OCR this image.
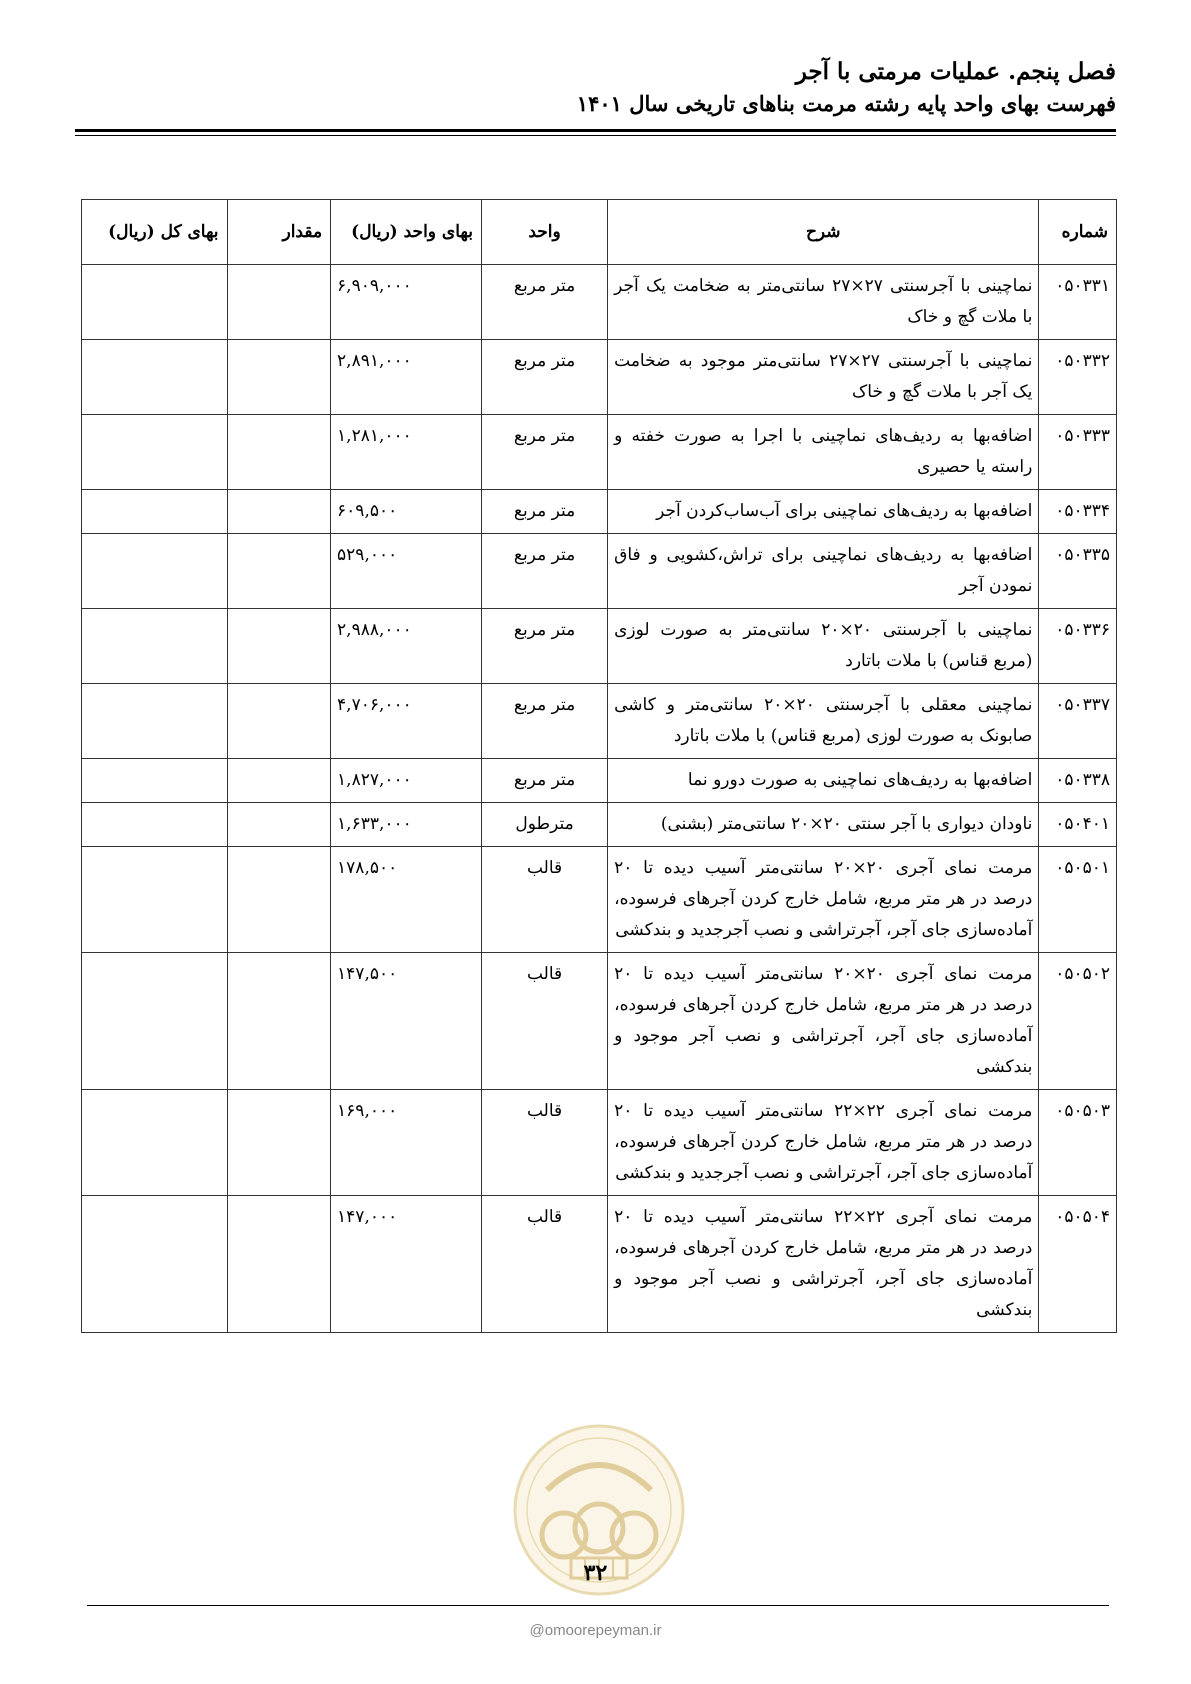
فصل پنجم. عملیات مرمتی با آجر
فهرست بهای واحد پایه رشته مرمت بناهای تاریخی سال ۱۴۰۱
شماره	شرح	واحد	بهای واحد (ریال)	مقدار	بهای کل (ریال)
۰۵۰۳۳۱	نماچینی با آجرسنتی ۲۷×۲۷ سانتی‌متر به ضخامت یک آجر با ملات گچ و خاک	متر مربع	۶,۹۰۹,۰۰۰		
۰۵۰۳۳۲	نماچینی با آجرسنتی ۲۷×۲۷ سانتی‌متر موجود به ضخامت یک آجر با ملات گچ و خاک	متر مربع	۲,۸۹۱,۰۰۰		
۰۵۰۳۳۳	اضافه‌بها به ردیف‌های نماچینی با اجرا به صورت خفته و راسته یا حصیری	متر مربع	۱,۲۸۱,۰۰۰		
۰۵۰۳۳۴	اضافه‌بها به ردیف‌های نماچینی برای آب‌ساب‌کردن آجر	متر مربع	۶۰۹,۵۰۰		
۰۵۰۳۳۵	اضافه‌بها به ردیف‌های نماچینی برای تراش،کشویی و فاق نمودن آجر	متر مربع	۵۲۹,۰۰۰		
۰۵۰۳۳۶	نماچینی با آجرسنتی ۲۰×۲۰ سانتی‌متر به صورت لوزی (مربع قناس) با ملات باتارد	متر مربع	۲,۹۸۸,۰۰۰		
۰۵۰۳۳۷	نماچینی معقلی با آجرسنتی ۲۰×۲۰ سانتی‌متر و کاشی صابونک به صورت لوزی (مربع قناس) با ملات باتارد	متر مربع	۴,۷۰۶,۰۰۰		
۰۵۰۳۳۸	اضافه‌بها به ردیف‌های نماچینی به صورت دورو نما	متر مربع	۱,۸۲۷,۰۰۰		
۰۵۰۴۰۱	ناودان دیواری با آجر سنتی ۲۰×۲۰ سانتی‌متر (بشنی)	مترطول	۱,۶۳۳,۰۰۰		
۰۵۰۵۰۱	مرمت نمای آجری ۲۰×۲۰ سانتی‌متر آسیب دیده تا ۲۰ درصد در هر متر مربع، شامل خارج کردن آجرهای فرسوده، آماده‌سازی جای آجر، آجرتراشی و نصب آجرجدید و بندکشی	قالب	۱۷۸,۵۰۰		
۰۵۰۵۰۲	مرمت نمای آجری ۲۰×۲۰ سانتی‌متر آسیب دیده تا ۲۰ درصد در هر متر مربع، شامل خارج کردن آجرهای فرسوده، آماده‌سازی جای آجر، آجرتراشی و نصب آجر موجود و بندکشی	قالب	۱۴۷,۵۰۰		
۰۵۰۵۰۳	مرمت نمای آجری ۲۲×۲۲ سانتی‌متر آسیب دیده تا ۲۰ درصد در هر متر مربع، شامل خارج کردن آجرهای فرسوده، آماده‌سازی جای آجر، آجرتراشی و نصب آجرجدید و بندکشی	قالب	۱۶۹,۰۰۰		
۰۵۰۵۰۴	مرمت نمای آجری ۲۲×۲۲ سانتی‌متر آسیب دیده تا ۲۰ درصد در هر متر مربع، شامل خارج کردن آجرهای فرسوده، آماده‌سازی جای آجر، آجرتراشی و نصب آجر موجود و بندکشی	قالب	۱۴۷,۰۰۰		
۳۲
@omoorepeyman.ir
